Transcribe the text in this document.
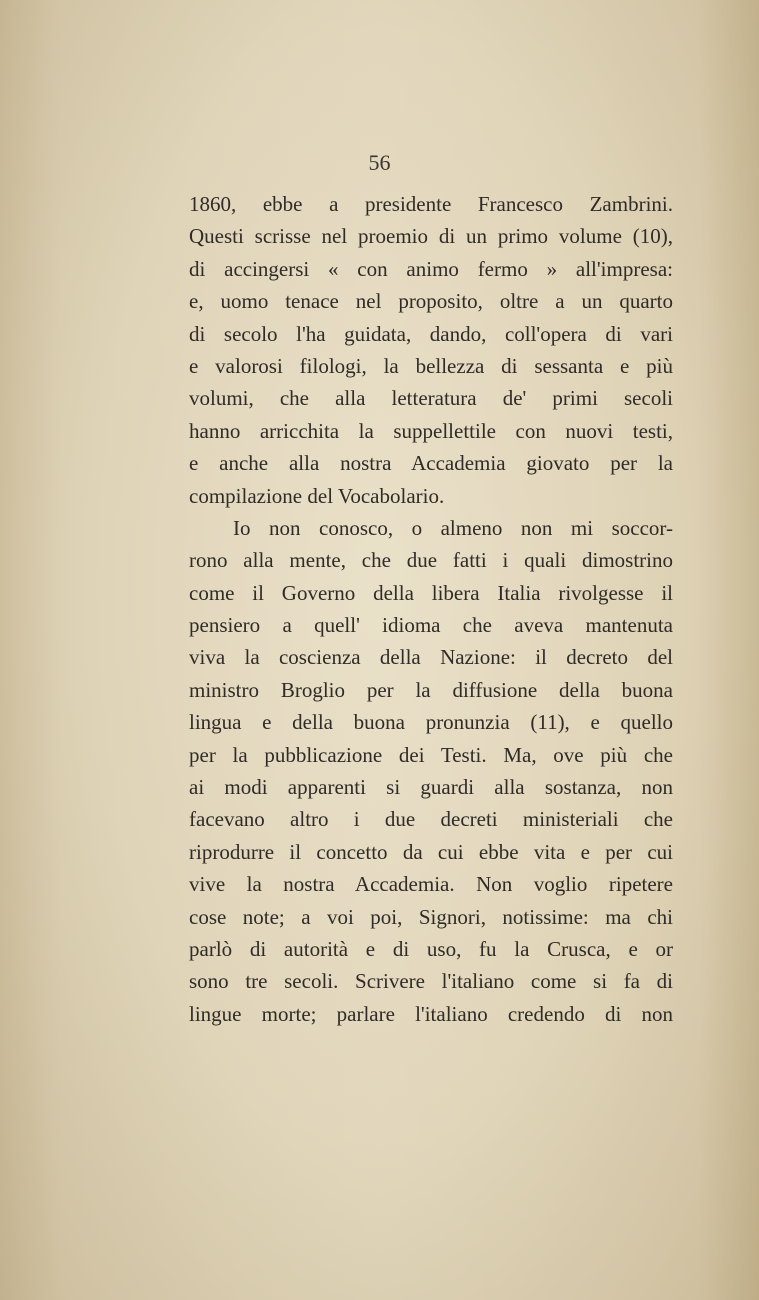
56
1860, ebbe a presidente Francesco Zambrini.
Questi scrisse nel proemio di un primo volume (10),
di accingersi « con animo fermo » all'impresa:
e, uomo tenace nel proposito, oltre a un quarto
di secolo l'ha guidata, dando, coll'opera di vari
e valorosi filologi, la bellezza di sessanta e più
volumi, che alla letteratura de' primi secoli
hanno arricchita la suppellettile con nuovi testi,
e anche alla nostra Accademia giovato per la
compilazione del Vocabolario.
Io non conosco, o almeno non mi soccor-
rono alla mente, che due fatti i quali dimostrino
come il Governo della libera Italia rivolgesse il
pensiero a quell' idioma che aveva mantenuta
viva la coscienza della Nazione: il decreto del
ministro Broglio per la diffusione della buona
lingua e della buona pronunzia (11), e quello
per la pubblicazione dei Testi. Ma, ove più che
ai modi apparenti si guardi alla sostanza, non
facevano altro i due decreti ministeriali che
riprodurre il concetto da cui ebbe vita e per cui
vive la nostra Accademia. Non voglio ripetere
cose note; a voi poi, Signori, notissime: ma chi
parlò di autorità e di uso, fu la Crusca, e or
sono tre secoli. Scrivere l'italiano come si fa di
lingue morte; parlare l'italiano credendo di non
